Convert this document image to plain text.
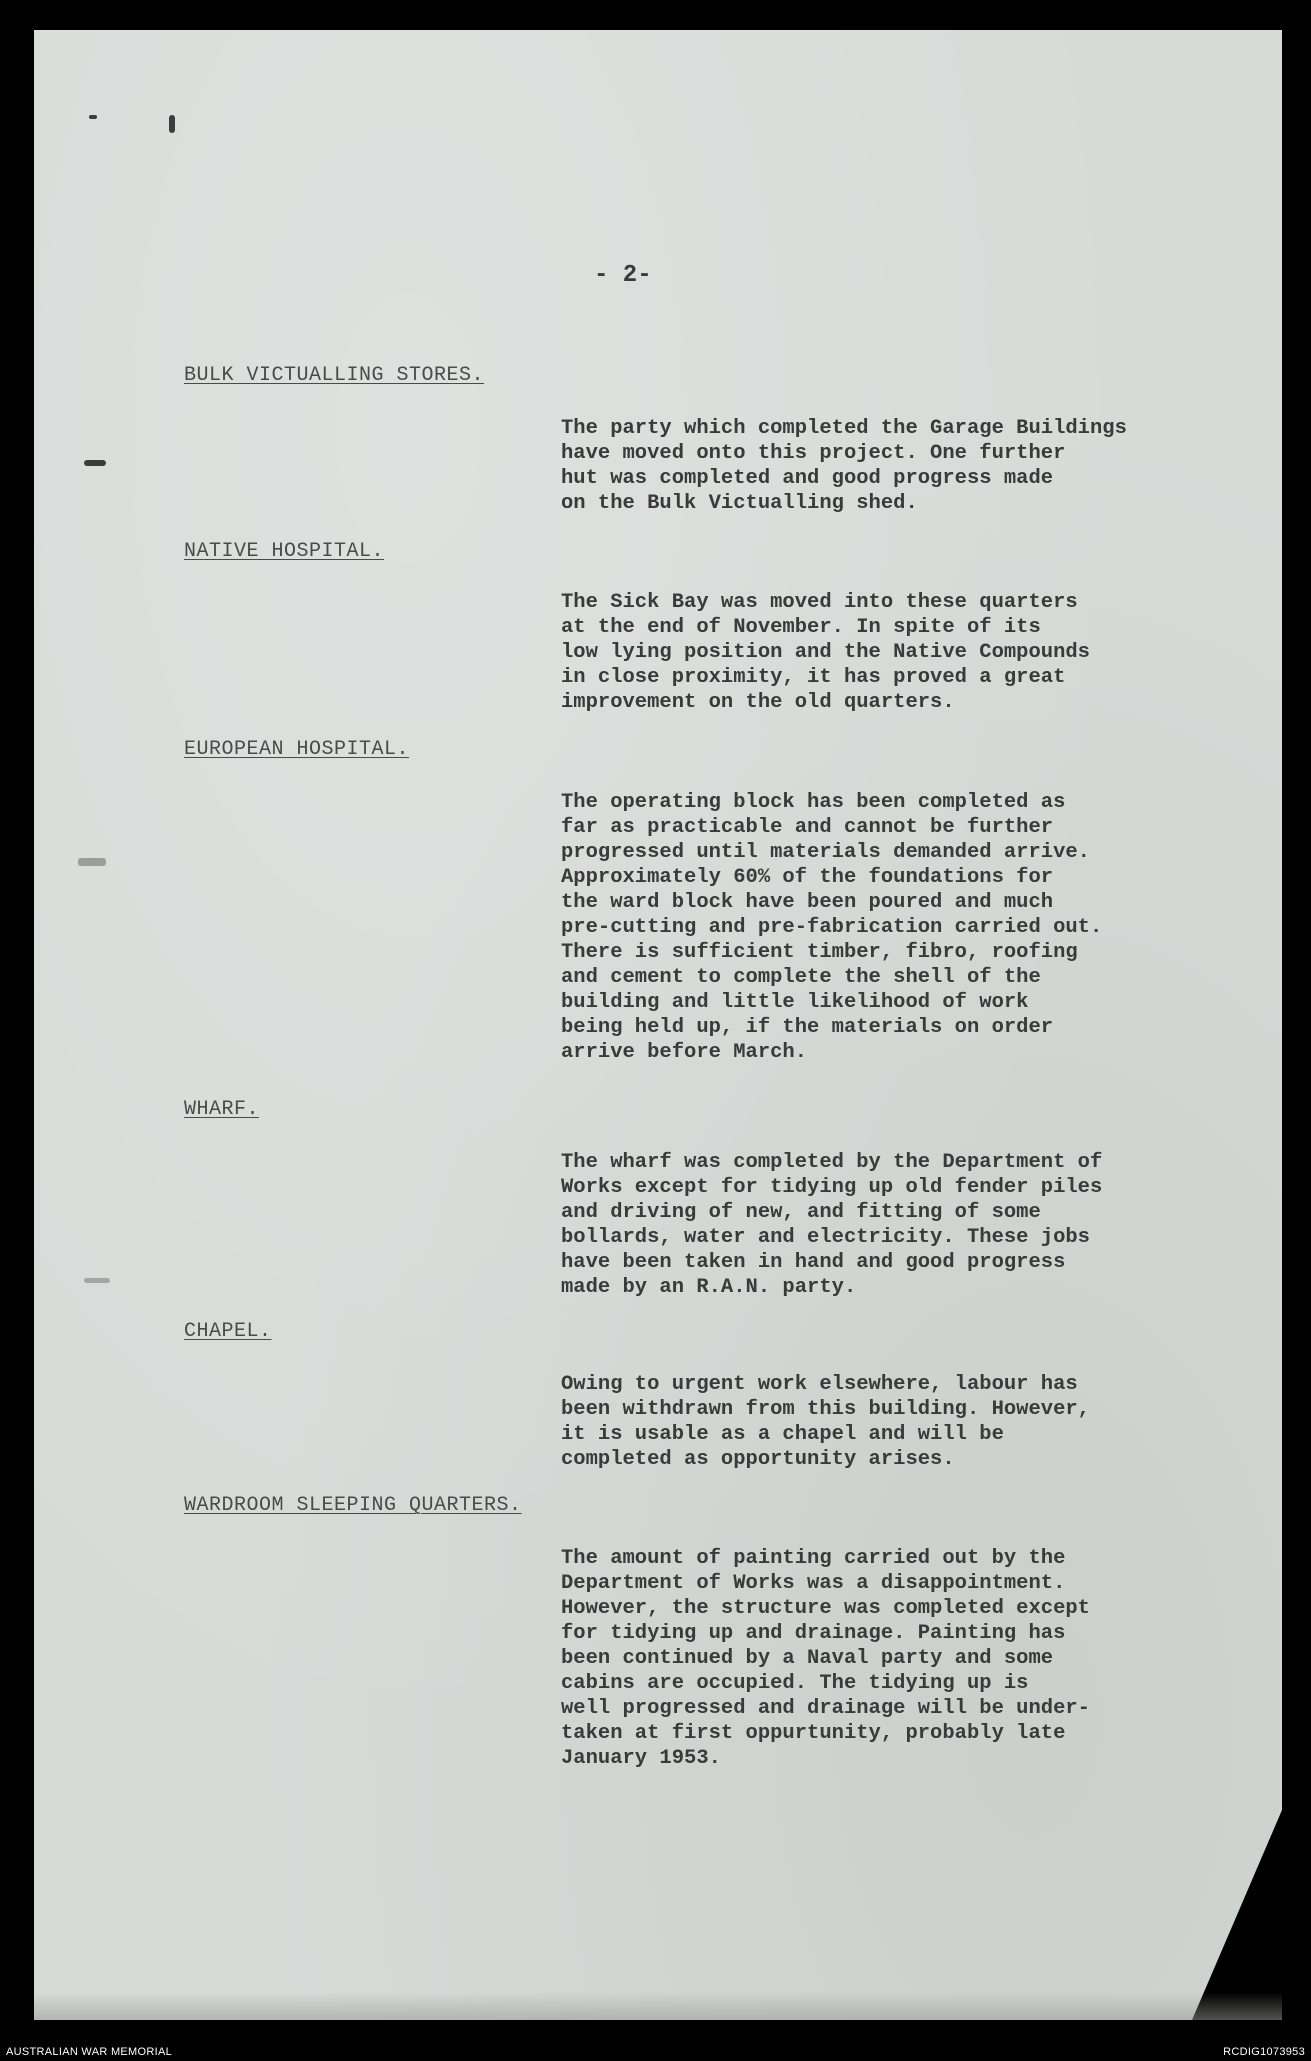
- 2-
BULK VICTUALLING STORES.
The party which completed the Garage Buildings
have moved onto this project. One further
hut was completed and good progress made
on the Bulk Victualling shed.
NATIVE HOSPITAL.
The Sick Bay was moved into these quarters
at the end of November. In spite of its
low lying position and the Native Compounds
in close proximity, it has proved a great
improvement on the old quarters.
EUROPEAN HOSPITAL.
The operating block has been completed as
far as practicable and cannot be further
progressed until materials demanded arrive.
Approximately 60% of the foundations for
the ward block have been poured and much
pre-cutting and pre-fabrication carried out.
There is sufficient timber, fibro, roofing
and cement to complete the shell of the
building and little likelihood of work
being held up, if the materials on order
arrive before March.
WHARF.
The wharf was completed by the Department of
Works except for tidying up old fender piles
and driving of new, and fitting of some
bollards, water and electricity. These jobs
have been taken in hand and good progress
made by an R.A.N. party.
CHAPEL.
Owing to urgent work elsewhere, labour has
been withdrawn from this building. However,
it is usable as a chapel and will be
completed as opportunity arises.
WARDROOM SLEEPING QUARTERS.
The amount of painting carried out by the
Department of Works was a disappointment.
However, the structure was completed except
for tidying up and drainage. Painting has
been continued by a Naval party and some
cabins are occupied. The tidying up is
well progressed and drainage will be under-
taken at first oppurtunity, probably late
January 1953.
AUSTRALIAN WAR MEMORIAL	RCDIG1073953
